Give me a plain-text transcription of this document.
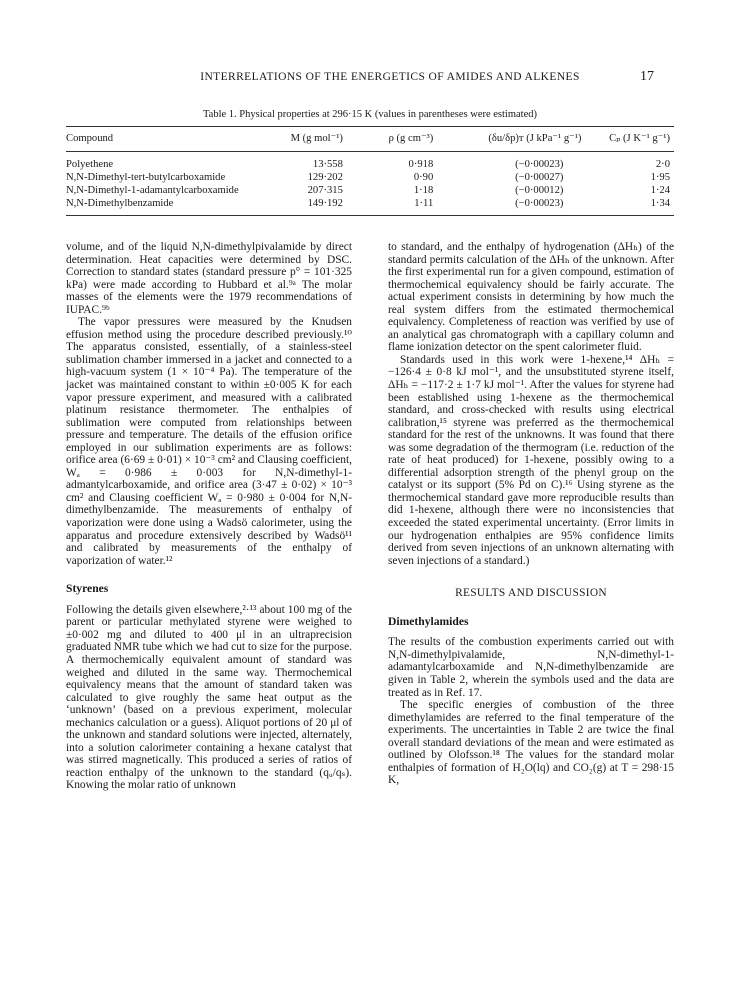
INTERRELATIONS OF THE ENERGETICS OF AMIDES AND ALKENES	17
Table 1. Physical properties at 296·15 K (values in parentheses were estimated)
Compound	M (g mol⁻¹)	ρ (g cm⁻³)	(δu/δp)ᴛ (J kPa⁻¹ g⁻¹)	Cₚ (J K⁻¹ g⁻¹)
Polyethene	13·558	0·918	(−0·00023)	2·0
N,N-Dimethyl-tert-butylcarboxamide	129·202	0·90	(−0·00027)	1·95
N,N-Dimethyl-1-adamantylcarboxamide	207·315	1·18	(−0·00012)	1·24
N,N-Dimethylbenzamide	149·192	1·11	(−0·00023)	1·34

volume, and of the liquid N,N-dimethylpivalamide by direct determination. Heat capacities were determined by DSC. Correction to standard states (standard pressure p° = 101·325 kPa) were made according to Hubbard et al.⁹ᵃ The molar masses of the elements were the 1979 recommendations of IUPAC.⁹ᵇ

The vapor pressures were measured by the Knudsen effusion method using the procedure described previously.¹⁰ The apparatus consisted, essentially, of a stainless-steel sublimation chamber immersed in a jacket and connected to a high-vacuum system (1 × 10⁻⁴ Pa). The temperature of the jacket was maintained constant to within ±0·005 K for each vapor pressure experiment, and measured with a calibrated platinum resistance thermometer. The enthalpies of sublimation were computed from relationships between pressure and temperature. The details of the effusion orifice employed in our sublimation experiments are as follows: orifice area (6·69 ± 0·01) × 10⁻³ cm² and Clausing coefficient, Wₐ = 0·986 ± 0·003 for N,N-dimethyl-1-admantylcarboxamide, and orifice area (3·47 ± 0·02) × 10⁻³ cm² and Clausing coefficient Wₐ = 0·980 ± 0·004 for N,N-dimethylbenzamide. The measurements of enthalpy of vaporization were done using a Wadsö calorimeter, using the apparatus and procedure extensively described by Wadsö¹¹ and calibrated by measurements of the enthalpy of vaporization of water.¹²

Styrenes

Following the details given elsewhere,²·¹³ about 100 mg of the parent or particular methylated styrene were weighed to ±0·002 mg and diluted to 400 μl in an ultraprecision graduated NMR tube which we had cut to size for the purpose. A thermochemically equivalent amount of standard was weighed and diluted in the same way. Thermochemical equivalency means that the amount of standard taken was calculated to give roughly the same heat output as the ‘unknown’ (based on a previous experiment, molecular mechanics calculation or a guess). Aliquot portions of 20 μl of the unknown and standard solutions were injected, alternately, into a solution calorimeter containing a hexane catalyst that was stirred magnetically. This produced a series of ratios of reaction enthalpy of the unknown to the standard (qᵤ/qₛ). Knowing the molar ratio of unknown

to standard, and the enthalpy of hydrogenation (ΔHₕ) of the standard permits calculation of the ΔHₕ of the unknown. After the first experimental run for a given compound, estimation of thermochemical equivalency should be fairly accurate. The actual experiment consists in determining by how much the real system differs from the estimated thermochemical equivalency. Completeness of reaction was verified by use of an analytical gas chromatograph with a capillary column and flame ionization detector on the spent calorimeter fluid.

Standards used in this work were 1-hexene,¹⁴ ΔHₕ = −126·4 ± 0·8 kJ mol⁻¹, and the unsubstituted styrene itself, ΔHₕ = −117·2 ± 1·7 kJ mol⁻¹. After the values for styrene had been established using 1-hexene as the thermochemical standard, and cross-checked with results using electrical calibration,¹⁵ styrene was preferred as the thermochemical standard for the rest of the unknowns. It was found that there was some degradation of the thermogram (i.e. reduction of the rate of heat produced) for 1-hexene, possibly owing to a differential adsorption strength of the phenyl group on the catalyst or its support (5% Pd on C).¹⁶ Using styrene as the thermochemical standard gave more reproducible results than did 1-hexene, although there were no inconsistencies that exceeded the stated experimental uncertainty. (Error limits in our hydrogenation enthalpies are 95% confidence limits derived from seven injections of an unknown alternating with seven injections of a standard.)

RESULTS AND DISCUSSION
Dimethylamides

The results of the combustion experiments carried out with N,N-dimethylpivalamide, N,N-dimethyl-1-adamantylcarboxamide and N,N-dimethylbenzamide are given in Table 2, wherein the symbols used and the data are treated as in Ref. 17.

The specific energies of combustion of the three dimethylamides are referred to the final temperature of the experiments. The uncertainties in Table 2 are twice the final overall standard deviations of the mean and were estimated as outlined by Olofsson.¹⁸ The values for the standard molar enthalpies of formation of H₂O(lq) and CO₂(g) at T = 298·15 K,
